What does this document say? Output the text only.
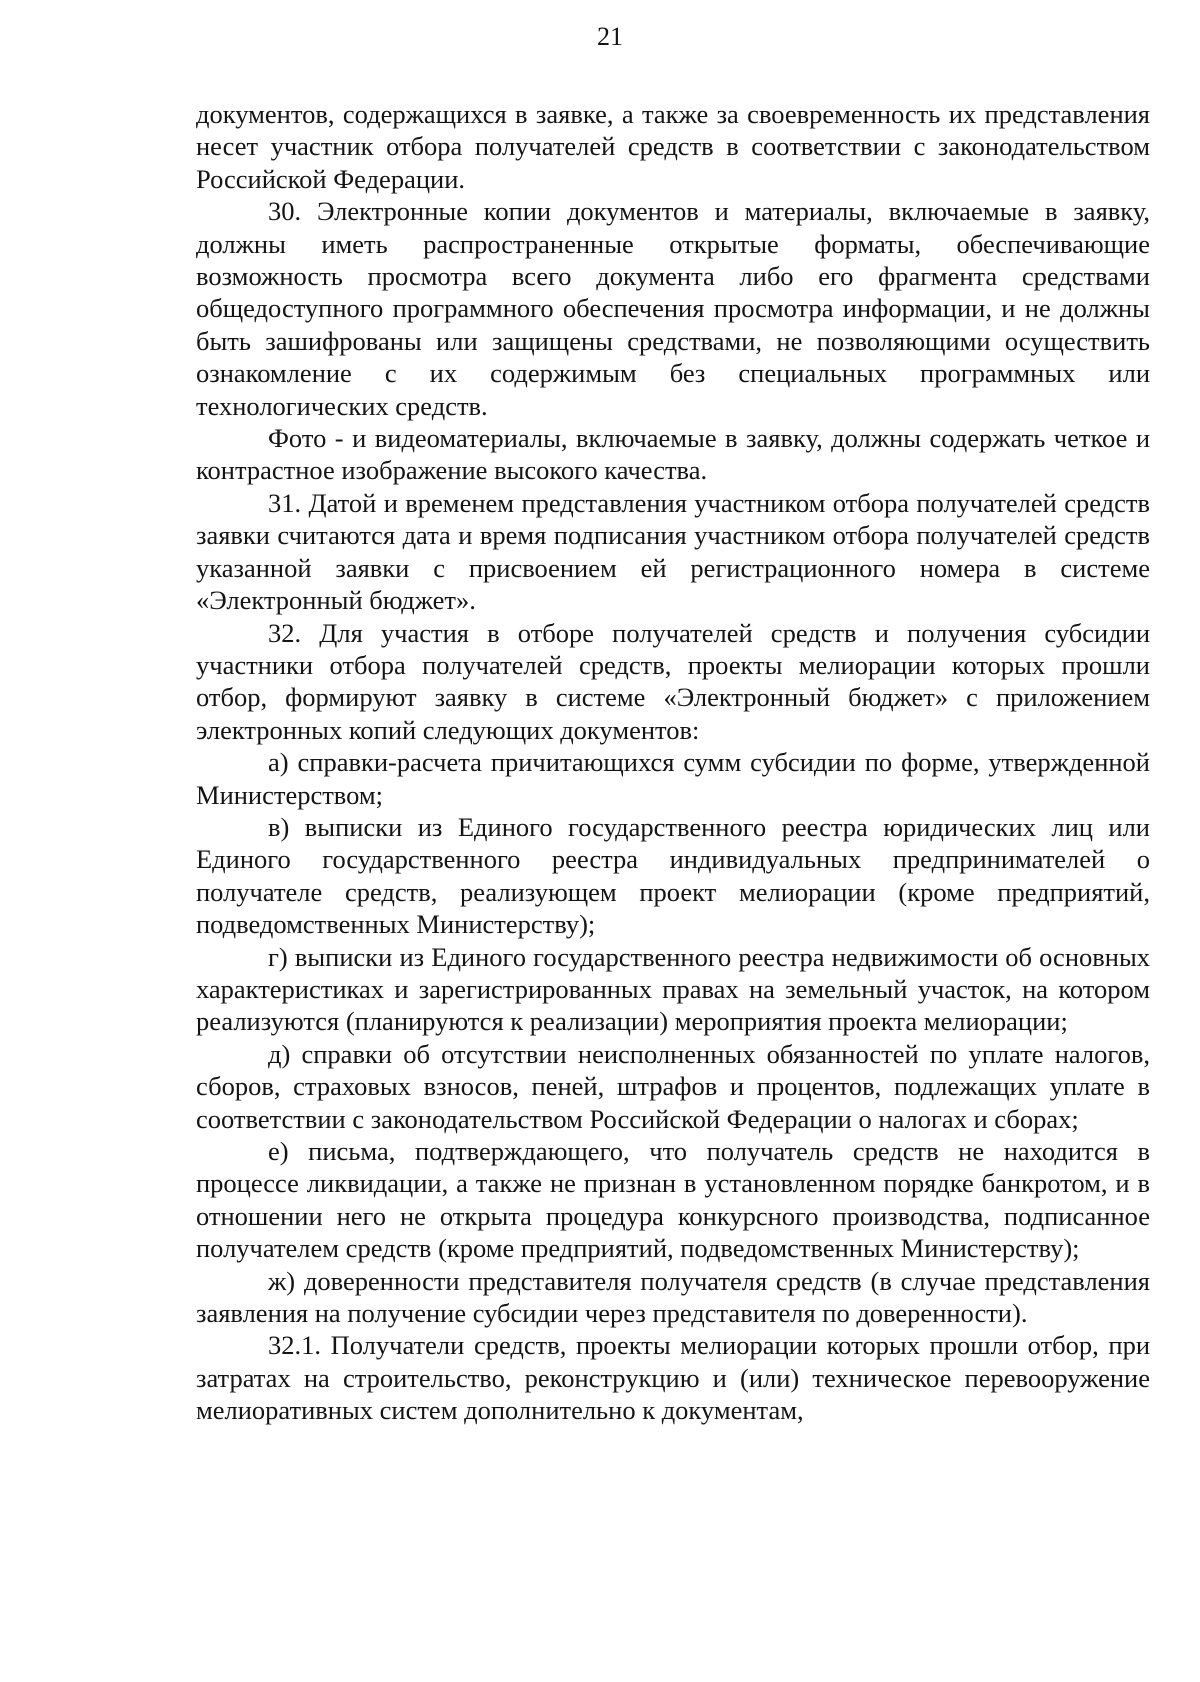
21

документов, содержащихся в заявке, а также за своевременность их представления несет участник отбора получателей средств в соответствии с законодательством Российской Федерации.

30. Электронные копии документов и материалы, включаемые в заявку, должны иметь распространенные открытые форматы, обеспечивающие возможность просмотра всего документа либо его фрагмента средствами общедоступного программного обеспечения просмотра информации, и не должны быть зашифрованы или защищены средствами, не позволяющими осуществить ознакомление с их содержимым без специальных программных или технологических средств.

Фото - и видеоматериалы, включаемые в заявку, должны содержать четкое и контрастное изображение высокого качества.

31. Датой и временем представления участником отбора получателей средств заявки считаются дата и время подписания участником отбора получателей средств указанной заявки с присвоением ей регистрационного номера в системе «Электронный бюджет».

32. Для участия в отборе получателей средств и получения субсидии участники отбора получателей средств, проекты мелиорации которых прошли отбор, формируют заявку в системе «Электронный бюджет» с приложением электронных копий следующих документов:

а) справки-расчета причитающихся сумм субсидии по форме, утвержденной Министерством;

в) выписки из Единого государственного реестра юридических лиц или Единого государственного реестра индивидуальных предпринимателей о получателе средств, реализующем проект мелиорации (кроме предприятий, подведомственных Министерству);

г) выписки из Единого государственного реестра недвижимости об основных характеристиках и зарегистрированных правах на земельный участок, на котором реализуются (планируются к реализации) мероприятия проекта мелиорации;

д) справки об отсутствии неисполненных обязанностей по уплате налогов, сборов, страховых взносов, пеней, штрафов и процентов, подлежащих уплате в соответствии с законодательством Российской Федерации о налогах и сборах;

е) письма, подтверждающего, что получатель средств не находится в процессе ликвидации, а также не признан в установленном порядке банкротом, и в отношении него не открыта процедура конкурсного производства, подписанное получателем средств (кроме предприятий, подведомственных Министерству);

ж) доверенности представителя получателя средств (в случае представления заявления на получение субсидии через представителя по доверенности).

32.1. Получатели средств, проекты мелиорации которых прошли отбор, при затратах на строительство, реконструкцию и (или) техническое перевооружение мелиоративных систем дополнительно к документам,
